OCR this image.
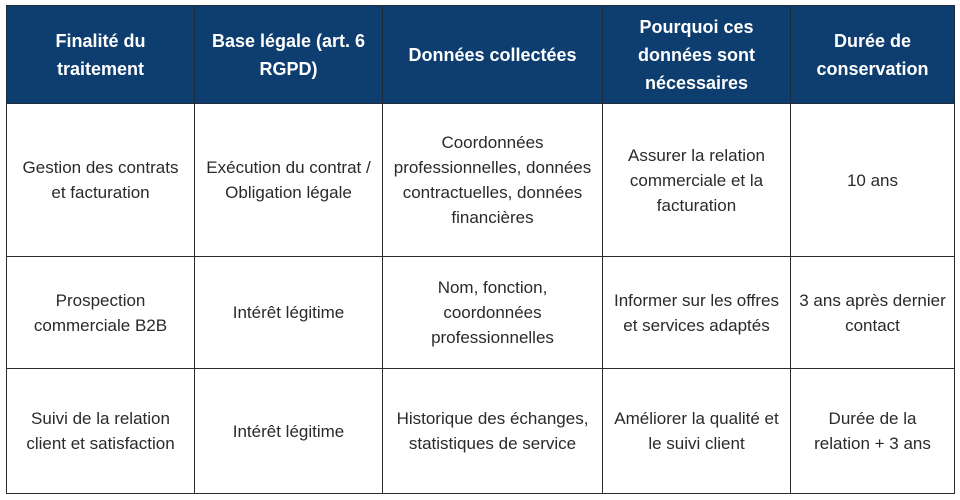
Finalité du traitement	Base légale (art. 6 RGPD)	Données collectées	Pourquoi ces données sont nécessaires	Durée de conservation
Gestion des contrats et facturation	Exécution du contrat / Obligation légale	Coordonnées professionnelles, données contractuelles, données financières	Assurer la relation commerciale et la facturation	10 ans
Prospection commerciale B2B	Intérêt légitime	Nom, fonction, coordonnées professionnelles	Informer sur les offres et services adaptés	3 ans après dernier contact
Suivi de la relation client et satisfaction	Intérêt légitime	Historique des échanges, statistiques de service	Améliorer la qualité et le suivi client	Durée de la relation + 3 ans
